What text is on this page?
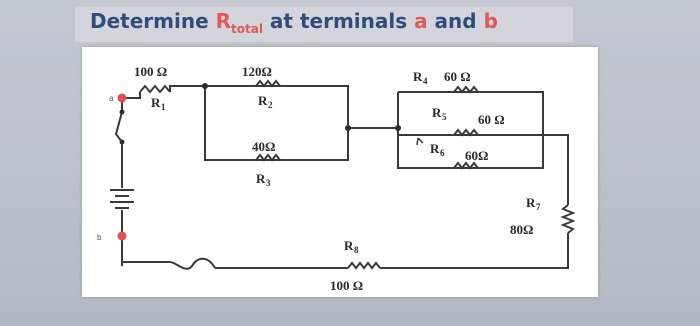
Determine $R_{total}$ at terminals a and b
a
b
100 Ω
R 1
120Ω
R 2
40Ω
R 3
R 4 60 Ω
R 5 60 Ω
R 6 60Ω
R 7
80Ω
R 8
100 Ω
